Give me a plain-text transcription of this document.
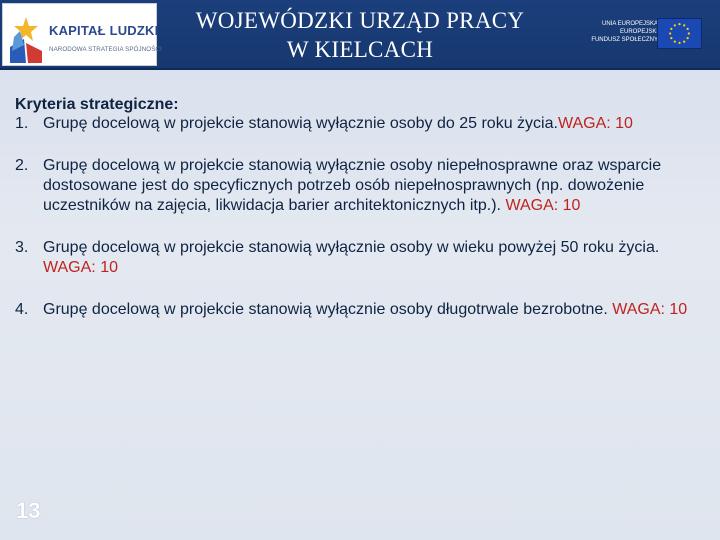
KAPITAŁ LUDZKI
NARODOWA STRATEGIA SPÓJNOŚCI
WOJEWÓDZKI URZĄD PRACY
W KIELCACH
UNIA EUROPEJSKA
EUROPEJSKI
FUNDUSZ SPOŁECZNY
Kryteria strategiczne:
1. Grupę docelową w projekcie stanowią wyłącznie osoby do 25 roku życia.WAGA: 10
2. Grupę docelową w projekcie stanowią wyłącznie osoby niepełnosprawne oraz wsparcie dostosowane jest do specyficznych potrzeb osób niepełnosprawnych (np. dowożenie uczestników na zajęcia, likwidacja barier architektonicznych itp.). WAGA: 10
3. Grupę docelową w projekcie stanowią wyłącznie osoby w wieku powyżej 50 roku życia. WAGA: 10
4. Grupę docelową w projekcie stanowią wyłącznie osoby długotrwale bezrobotne. WAGA: 10
13
